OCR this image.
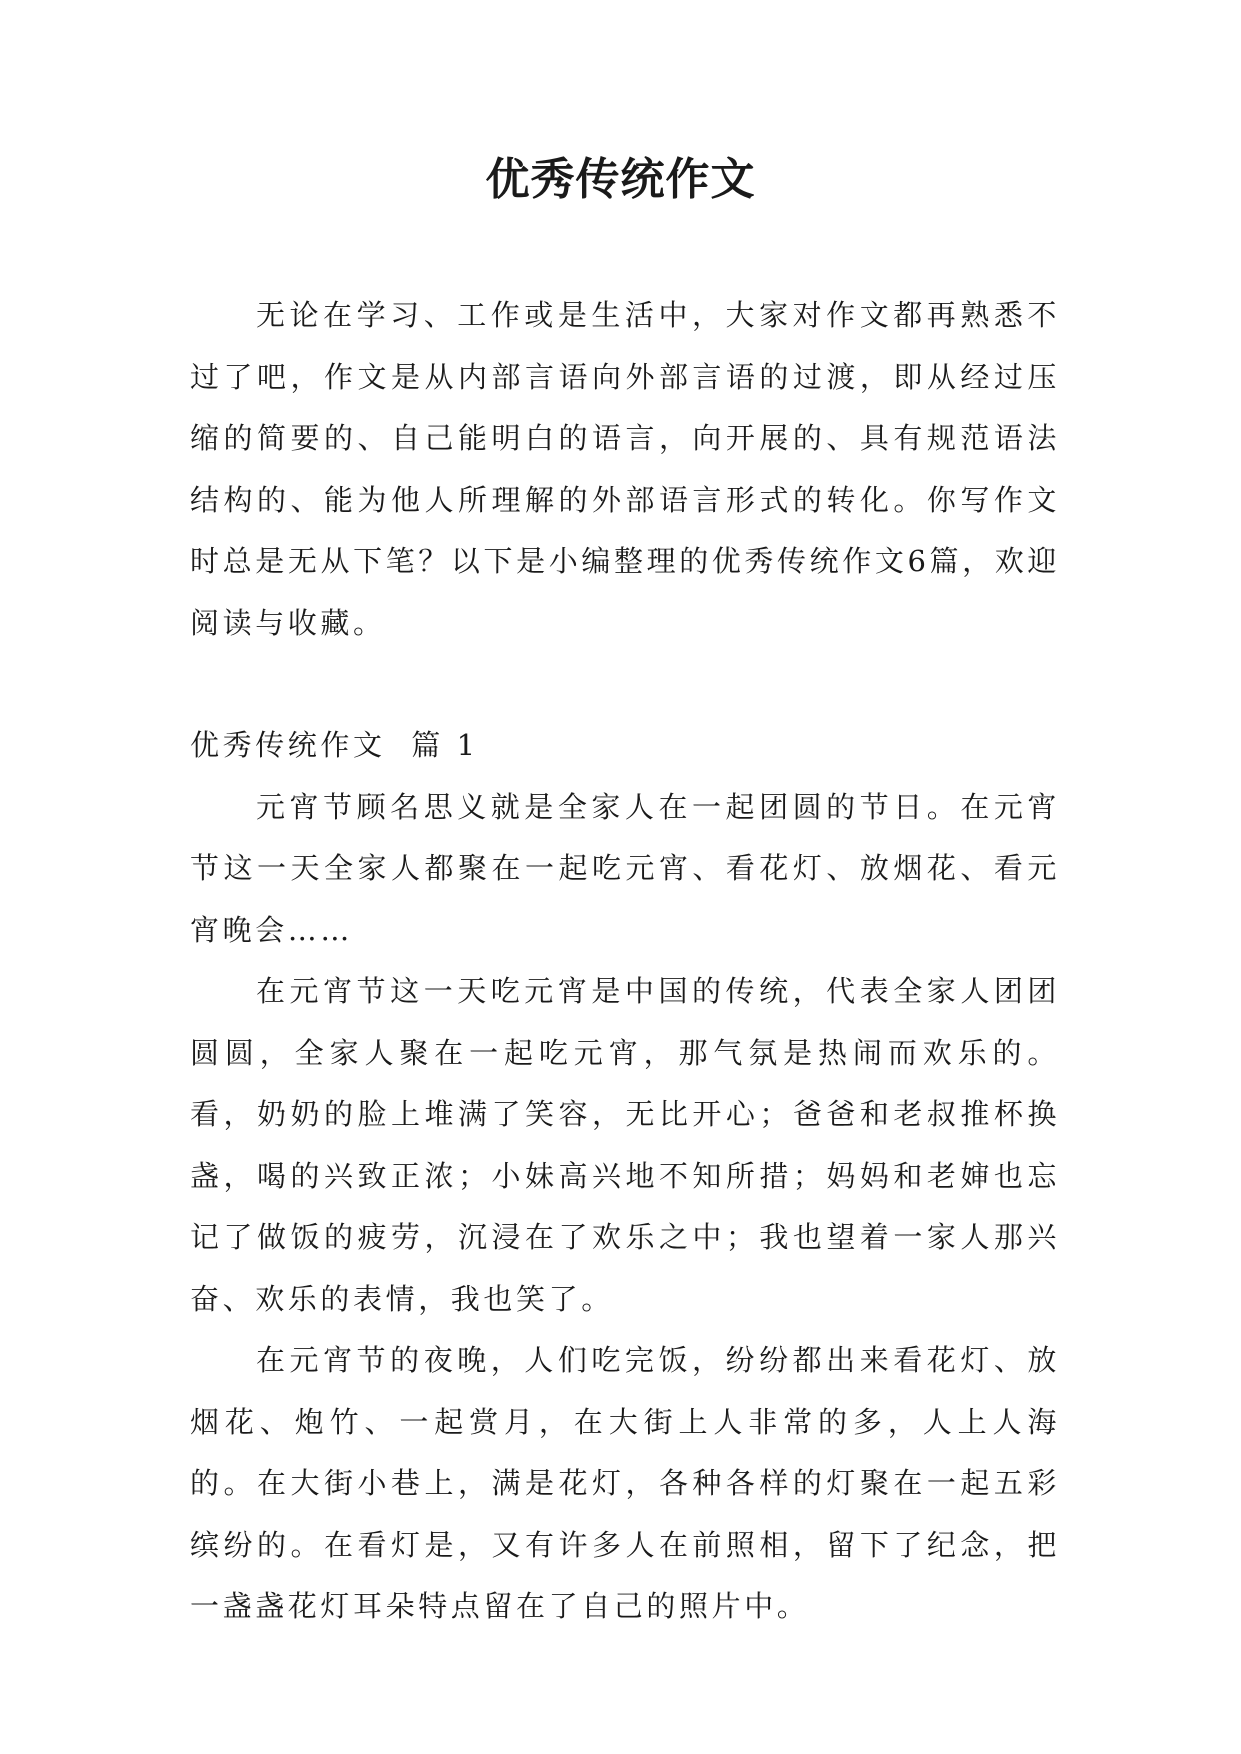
优秀传统作文

无论在学习、工作或是生活中，大家对作文都再熟悉不过了吧，作文是从内部言语向外部言语的过渡，即从经过压缩的简要的、自己能明白的语言，向开展的、具有规范语法结构的、能为他人所理解的外部语言形式的转化。你写作文时总是无从下笔？以下是小编整理的优秀传统作文6篇，欢迎阅读与收藏。

优秀传统作文  篇 1

元宵节顾名思义就是全家人在一起团圆的节日。在元宵节这一天全家人都聚在一起吃元宵、看花灯、放烟花、看元宵晚会……

在元宵节这一天吃元宵是中国的传统，代表全家人团团圆圆，全家人聚在一起吃元宵，那气氛是热闹而欢乐的。看，奶奶的脸上堆满了笑容，无比开心；爸爸和老叔推杯换盏，喝的兴致正浓；小妹高兴地不知所措；妈妈和老婶也忘记了做饭的疲劳，沉浸在了欢乐之中；我也望着一家人那兴奋、欢乐的表情，我也笑了。

在元宵节的夜晚，人们吃完饭，纷纷都出来看花灯、放烟花、炮竹、一起赏月，在大街上人非常的多，人上人海的。在大街小巷上，满是花灯，各种各样的灯聚在一起五彩缤纷的。在看灯是，又有许多人在前照相，留下了纪念，把一盏盏花灯耳朵特点留在了自己的照片中。
